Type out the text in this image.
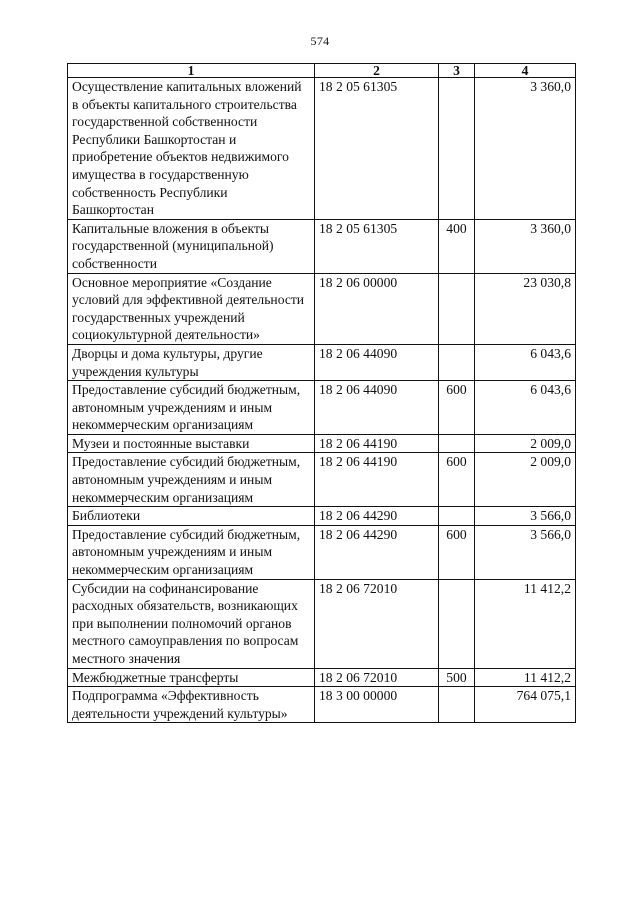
574
1	2	3	4
Осуществление капитальных вложений в объекты капитального строительства государственной собственности Республики Башкортостан и приобретение объектов недвижимого имущества в государственную собственность Республики Башкортостан	18 2 05 61305		3 360,0
Капитальные вложения в объекты государственной (муниципальной) собственности	18 2 05 61305	400	3 360,0
Основное мероприятие «Создание условий для эффективной деятельности государственных учреждений социокультурной деятельности»	18 2 06 00000		23 030,8
Дворцы и дома культуры, другие учреждения культуры	18 2 06 44090		6 043,6
Предоставление субсидий бюджетным, автономным учреждениям и иным некоммерческим организациям	18 2 06 44090	600	6 043,6
Музеи и постоянные выставки	18 2 06 44190		2 009,0
Предоставление субсидий бюджетным, автономным учреждениям и иным некоммерческим организациям	18 2 06 44190	600	2 009,0
Библиотеки	18 2 06 44290		3 566,0
Предоставление субсидий бюджетным, автономным учреждениям и иным некоммерческим организациям	18 2 06 44290	600	3 566,0
Субсидии на софинансирование расходных обязательств, возникающих при выполнении полномочий органов местного самоуправления по вопросам местного значения	18 2 06 72010		11 412,2
Межбюджетные трансферты	18 2 06 72010	500	11 412,2
Подпрограмма «Эффективность деятельности учреждений культуры»	18 3 00 00000		764 075,1
